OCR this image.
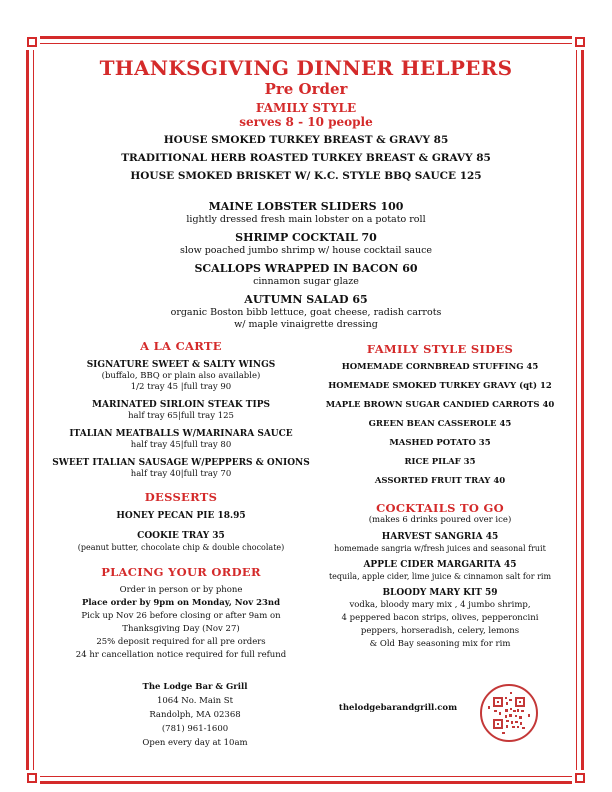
THANKSGIVING DINNER HELPERS
Pre Order
FAMILY STYLE
serves 8 - 10 people
HOUSE SMOKED TURKEY BREAST & GRAVY 85
TRADITIONAL HERB ROASTED TURKEY BREAST & GRAVY 85
HOUSE SMOKED BRISKET W/ K.C. STYLE BBQ SAUCE 125
MAINE LOBSTER SLIDERS 100
lightly dressed fresh main lobster on a potato roll
SHRIMP COCKTAIL 70
slow poached jumbo shrimp w/ house cocktail sauce
SCALLOPS WRAPPED IN BACON 60
cinnamon sugar glaze
AUTUMN SALAD 65
organic Boston bibb lettuce, goat cheese, radish carrots
w/ maple vinaigrette dressing
A LA CARTE
SIGNATURE SWEET & SALTY WINGS
(buffalo, BBQ or plain also available)
1/2 tray 45 |full tray 90
MARINATED SIRLOIN STEAK TIPS
half tray 65|full tray 125
ITALIAN MEATBALLS W/MARINARA SAUCE
half tray 45|full tray 80
SWEET ITALIAN SAUSAGE W/PEPPERS & ONIONS
half tray 40|full tray 70
DESSERTS
HONEY PECAN PIE 18.95
COOKIE TRAY 35
(peanut butter, chocolate chip & double chocolate)
PLACING YOUR ORDER
Order in person or by phone
Place order by 9pm on Monday, Nov 23nd
Pick up Nov 26 before closing or after 9am on
Thanksgiving Day (Nov 27)
25% deposit required for all pre orders
24 hr cancellation notice required for full refund
FAMILY STYLE SIDES
HOMEMADE CORNBREAD STUFFING 45
HOMEMADE SMOKED TURKEY GRAVY (qt) 12
MAPLE BROWN SUGAR CANDIED CARROTS 40
GREEN BEAN CASSEROLE 45
MASHED POTATO 35
RICE PILAF 35
ASSORTED FRUIT TRAY 40
COCKTAILS TO GO
(makes 6 drinks poured over ice)
HARVEST SANGRIA 45
homemade sangria w/fresh juices and seasonal fruit
APPLE CIDER MARGARITA 45
tequila, apple cider, lime juice & cinnamon salt for rim
BLOODY MARY KIT 59
vodka, bloody mary mix , 4 jumbo shrimp,
4 peppered bacon strips, olives, pepperoncini
peppers, horseradish, celery, lemons
& Old Bay seasoning mix for rim
The Lodge Bar & Grill
1064 No. Main St
Randolph, MA 02368
(781) 961-1600
Open every day at 10am
thelodgebarandgrill.com
